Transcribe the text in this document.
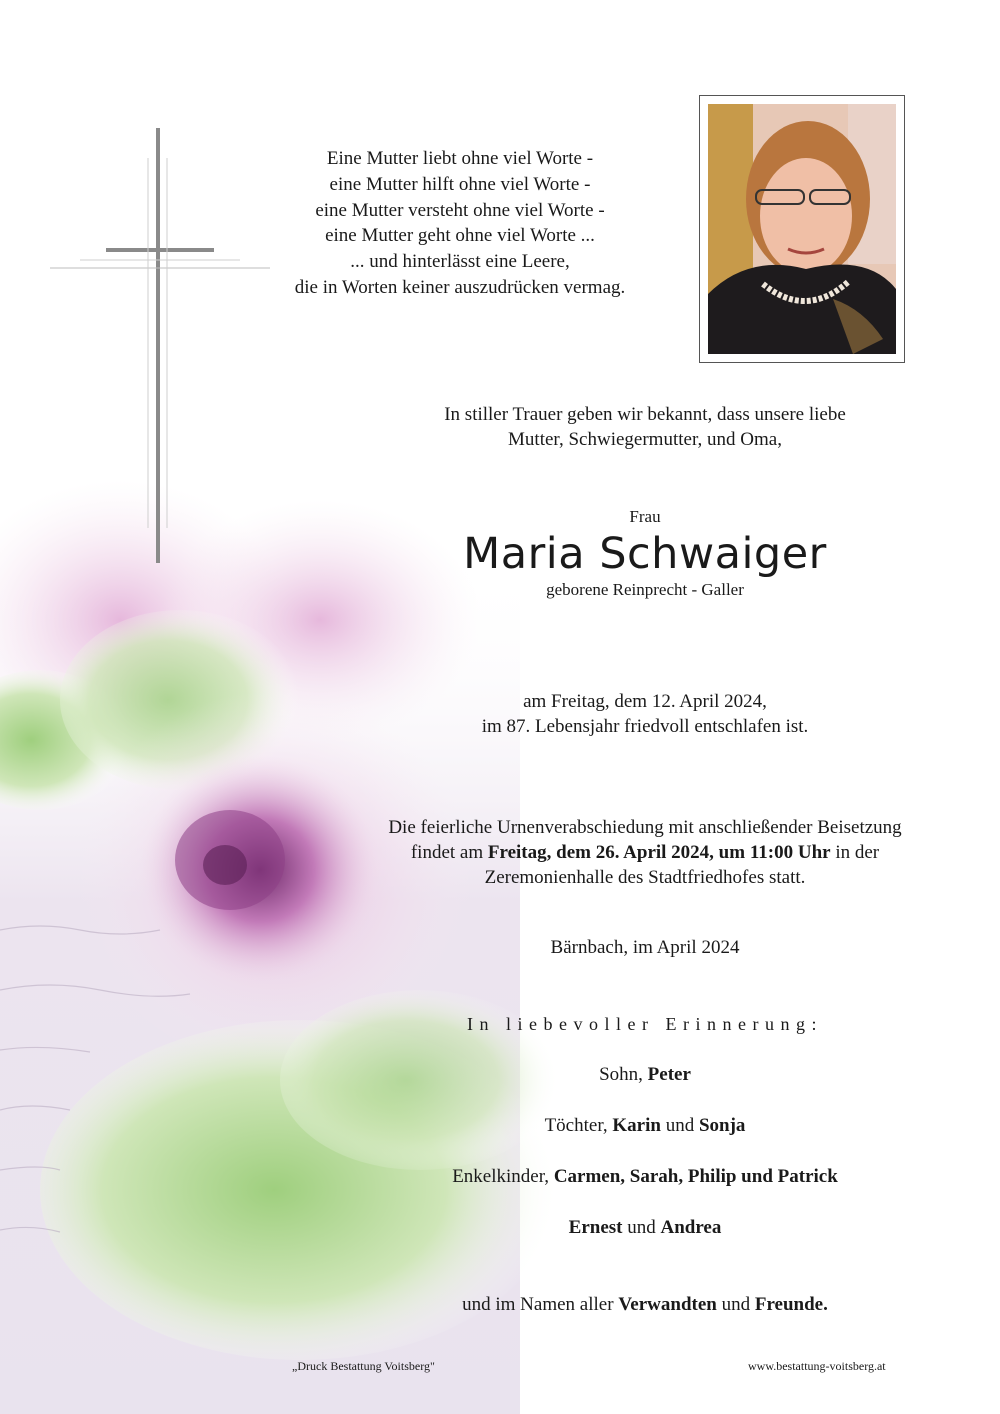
Eine Mutter liebt ohne viel Worte -
eine Mutter hilft ohne viel Worte -
eine Mutter versteht ohne viel Worte -
eine Mutter geht ohne viel Worte ...
... und hinterlässt eine Leere,
die in Worten keiner auszudrücken vermag.
In stiller Trauer geben wir bekannt, dass unsere liebe
Mutter, Schwiegermutter, und Oma,
Frau
Maria Schwaiger
geborene Reinprecht - Galler
am Freitag, dem 12. April 2024,
im 87. Lebensjahr friedvoll entschlafen ist.
Die feierliche Urnenverabschiedung mit anschließender Beisetzung
findet am Freitag, dem 26. April 2024, um 11:00 Uhr in der
Zeremonienhalle des Stadtfriedhofes statt.
Bärnbach, im April 2024
In liebevoller Erinnerung:
Sohn, Peter
Töchter, Karin und Sonja
Enkelkinder, Carmen, Sarah, Philip und Patrick
Ernest und Andrea
und im Namen aller Verwandten und Freunde.
„Druck Bestattung Voitsberg"	www.bestattung-voitsberg.at
